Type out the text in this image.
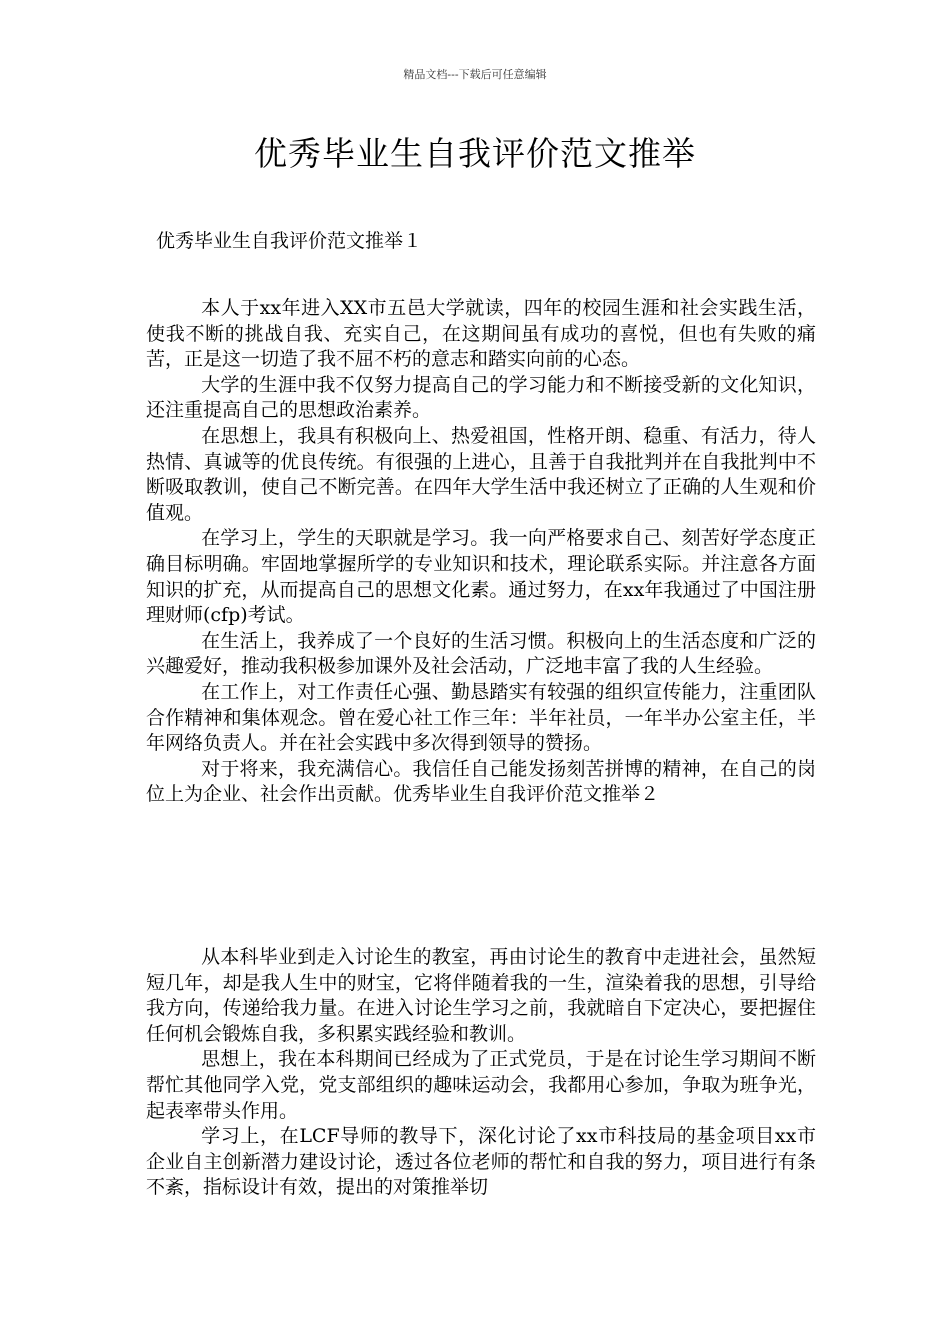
精品文档---下载后可任意编辑
优秀毕业生自我评价范文推举
优秀毕业生自我评价范文推举１

本人于xx年进入XX市五邑大学就读，四年的校园生涯和社会实践生活，使我不断的挑战自我、充实自己，在这期间虽有成功的喜悦，但也有失败的痛苦，正是这一切造了我不屈不朽的意志和踏实向前的心态。

大学的生涯中我不仅努力提高自己的学习能力和不断接受新的文化知识，还注重提高自己的思想政治素养。

在思想上，我具有积极向上、热爱祖国，性格开朗、稳重、有活力，待人热情、真诚等的优良传统。有很强的上进心，且善于自我批判并在自我批判中不断吸取教训，使自己不断完善。在四年大学生活中我还树立了正确的人生观和价值观。

在学习上，学生的天职就是学习。我一向严格要求自己、刻苦好学态度正确目标明确。牢固地掌握所学的专业知识和技术，理论联系实际。并注意各方面知识的扩充，从而提高自己的思想文化素。通过努力，在xx年我通过了中国注册理财师(cfp)考试。

在生活上，我养成了一个良好的生活习惯。积极向上的生活态度和广泛的兴趣爱好，推动我积极参加课外及社会活动，广泛地丰富了我的人生经验。

在工作上，对工作责任心强、勤恳踏实有较强的组织宣传能力，注重团队合作精神和集体观念。曾在爱心社工作三年：半年社员，一年半办公室主任，半年网络负责人。并在社会实践中多次得到领导的赞扬。

对于将来，我充满信心。我信任自己能发扬刻苦拼博的精神，在自己的岗位上为企业、社会作出贡献。优秀毕业生自我评价范文推举２

从本科毕业到走入讨论生的教室，再由讨论生的教育中走进社会，虽然短短几年，却是我人生中的财宝，它将伴随着我的一生，渲染着我的思想，引导给我方向，传递给我力量。在进入讨论生学习之前，我就暗自下定决心，要把握住任何机会锻炼自我，多积累实践经验和教训。

思想上，我在本科期间已经成为了正式党员，于是在讨论生学习期间不断帮忙其他同学入党，党支部组织的趣味运动会，我都用心参加，争取为班争光，起表率带头作用。

学习上，在LCF导师的教导下，深化讨论了xx市科技局的基金项目xx市企业自主创新潜力建设讨论，透过各位老师的帮忙和自我的努力，项目进行有条不紊，指标设计有效，提出的对策推举切
